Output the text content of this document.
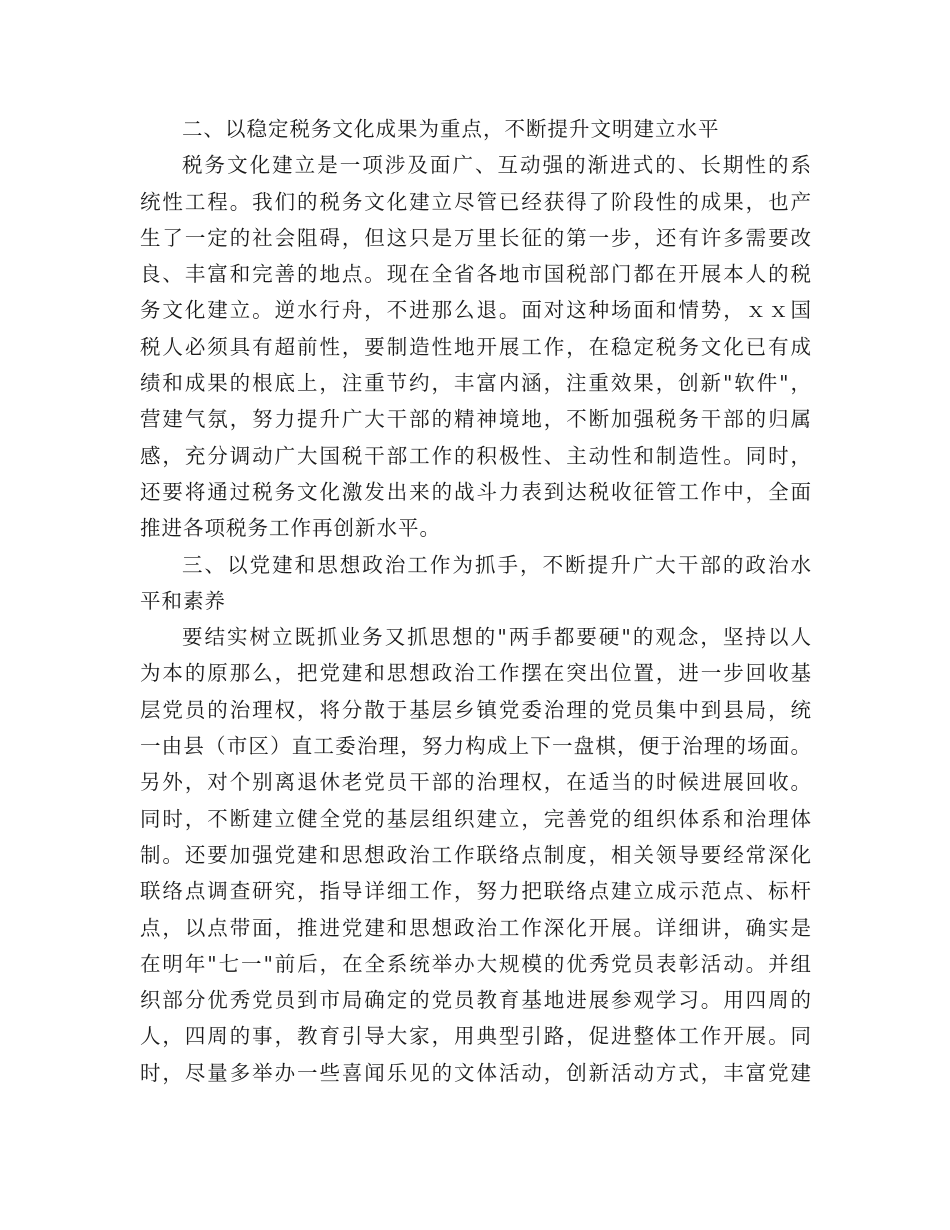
二、以稳定税务文化成果为重点，不断提升文明建立水平
税务文化建立是一项涉及面广、互动强的渐进式的、长期性的系
统性工程。我们的税务文化建立尽管已经获得了阶段性的成果，也产
生了一定的社会阻碍，但这只是万里长征的第一步，还有许多需要改
良、丰富和完善的地点。现在全省各地市国税部门都在开展本人的税
务文化建立。逆水行舟，不进那么退。面对这种场面和情势，ｘｘ国
税人必须具有超前性，要制造性地开展工作，在稳定税务文化已有成
绩和成果的根底上，注重节约，丰富内涵，注重效果，创新"软件"，
营建气氛，努力提升广大干部的精神境地，不断加强税务干部的归属
感，充分调动广大国税干部工作的积极性、主动性和制造性。同时，
还要将通过税务文化激发出来的战斗力表到达税收征管工作中，全面
推进各项税务工作再创新水平。
三、以党建和思想政治工作为抓手，不断提升广大干部的政治水
平和素养
要结实树立既抓业务又抓思想的"两手都要硬"的观念，坚持以人
为本的原那么，把党建和思想政治工作摆在突出位置，进一步回收基
层党员的治理权，将分散于基层乡镇党委治理的党员集中到县局，统
一由县（市区）直工委治理，努力构成上下一盘棋，便于治理的场面。
另外，对个别离退休老党员干部的治理权，在适当的时候进展回收。
同时，不断建立健全党的基层组织建立，完善党的组织体系和治理体
制。还要加强党建和思想政治工作联络点制度，相关领导要经常深化
联络点调查研究，指导详细工作，努力把联络点建立成示范点、标杆
点，以点带面，推进党建和思想政治工作深化开展。详细讲，确实是
在明年"七一"前后，在全系统举办大规模的优秀党员表彰活动。并组
织部分优秀党员到市局确定的党员教育基地进展参观学习。用四周的
人，四周的事，教育引导大家，用典型引路，促进整体工作开展。同
时，尽量多举办一些喜闻乐见的文体活动，创新活动方式，丰富党建
